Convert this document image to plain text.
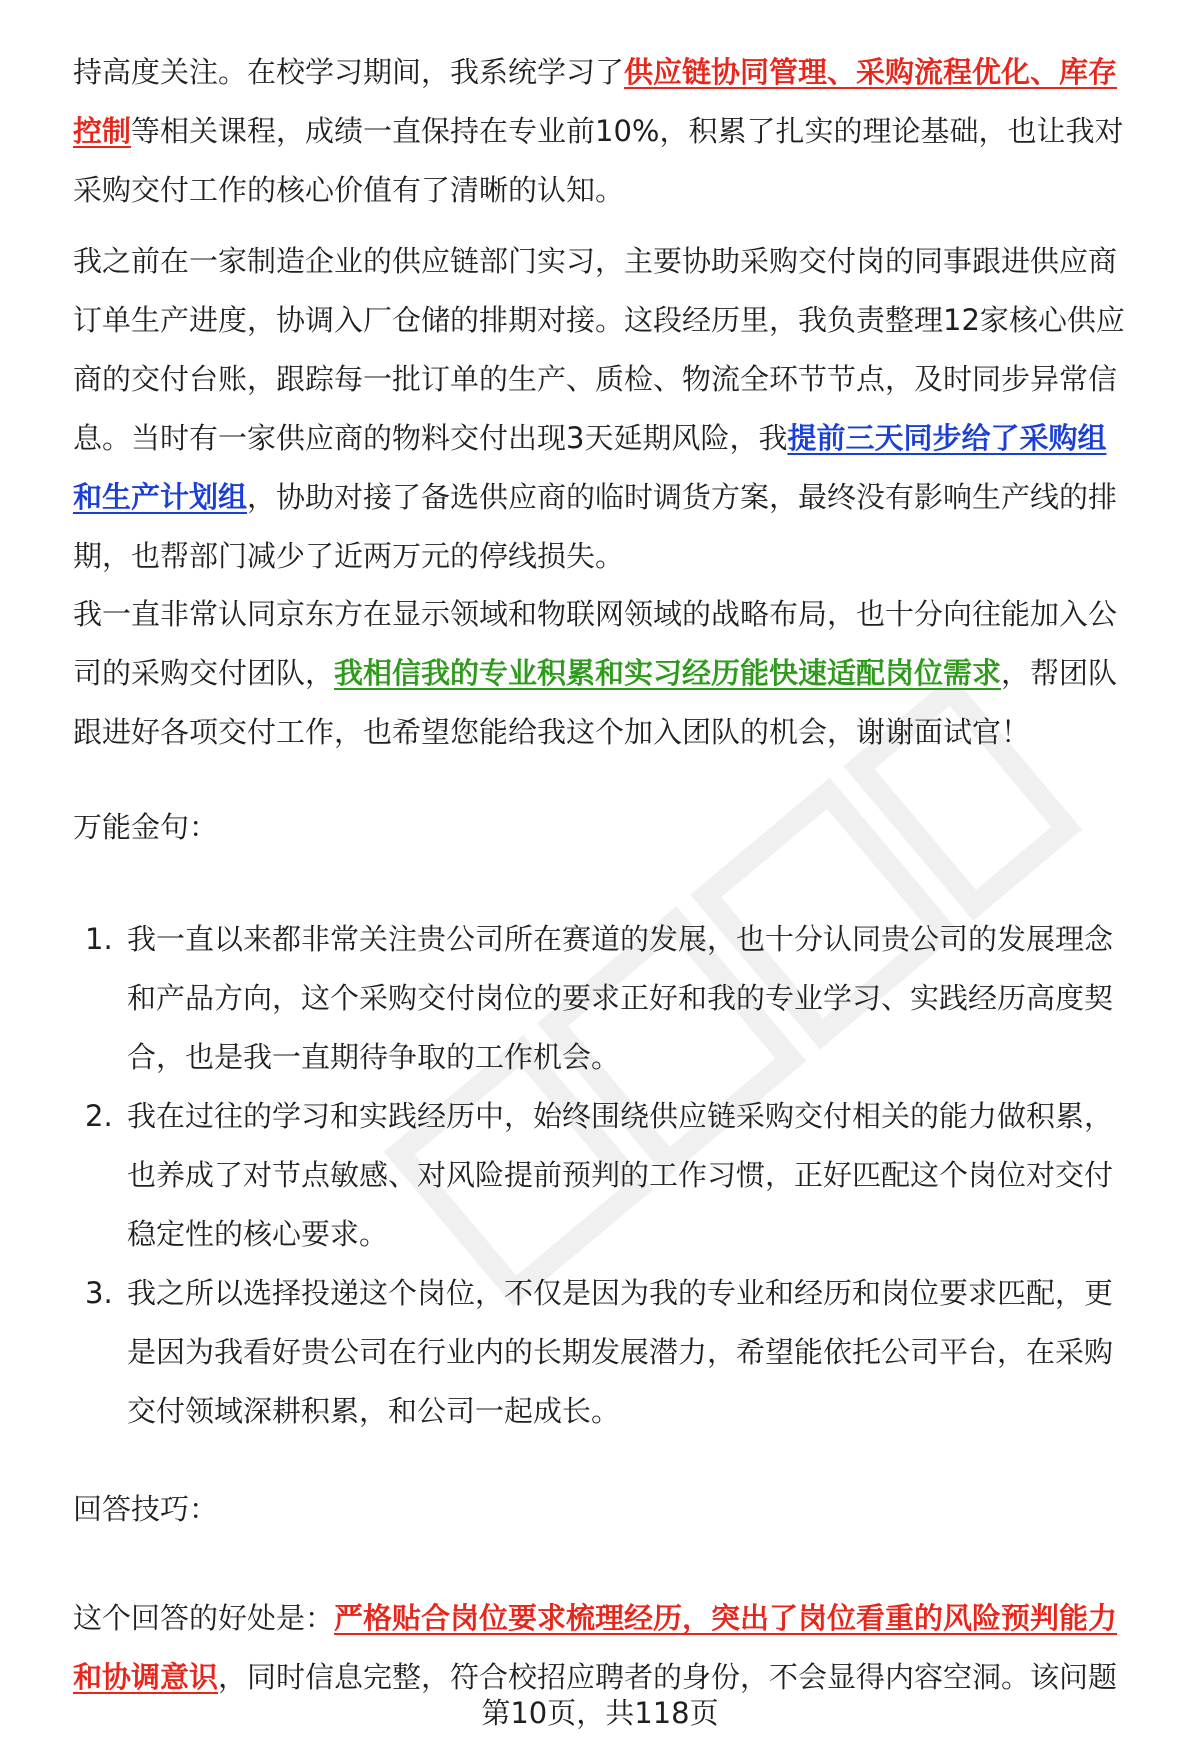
持高度关注。在校学习期间，我系统学习了供应链协同管理、采购流程优化、库存
控制等相关课程，成绩一直保持在专业前10%，积累了扎实的理论基础，也让我对
采购交付工作的核心价值有了清晰的认知。
我之前在一家制造企业的供应链部门实习，主要协助采购交付岗的同事跟进供应商
订单生产进度，协调入厂仓储的排期对接。这段经历里，我负责整理12家核心供应
商的交付台账，跟踪每一批订单的生产、质检、物流全环节节点，及时同步异常信
息。当时有一家供应商的物料交付出现3天延期风险，我提前三天同步给了采购组
和生产计划组，协助对接了备选供应商的临时调货方案，最终没有影响生产线的排
期，也帮部门减少了近两万元的停线损失。
我一直非常认同京东方在显示领域和物联网领域的战略布局，也十分向往能加入公
司的采购交付团队，我相信我的专业积累和实习经历能快速适配岗位需求，帮团队
跟进好各项交付工作，也希望您能给我这个加入团队的机会，谢谢面试官！
万能金句：
1. 我一直以来都非常关注贵公司所在赛道的发展，也十分认同贵公司的发展理念
和产品方向，这个采购交付岗位的要求正好和我的专业学习、实践经历高度契
合，也是我一直期待争取的工作机会。
2. 我在过往的学习和实践经历中，始终围绕供应链采购交付相关的能力做积累，
也养成了对节点敏感、对风险提前预判的工作习惯，正好匹配这个岗位对交付
稳定性的核心要求。
3. 我之所以选择投递这个岗位，不仅是因为我的专业和经历和岗位要求匹配，更
是因为我看好贵公司在行业内的长期发展潜力，希望能依托公司平台，在采购
交付领域深耕积累，和公司一起成长。
回答技巧：
这个回答的好处是：严格贴合岗位要求梳理经历，突出了岗位看重的风险预判能力
和协调意识，同时信息完整，符合校招应聘者的身份，不会显得内容空洞。该问题
第10页，共118页
